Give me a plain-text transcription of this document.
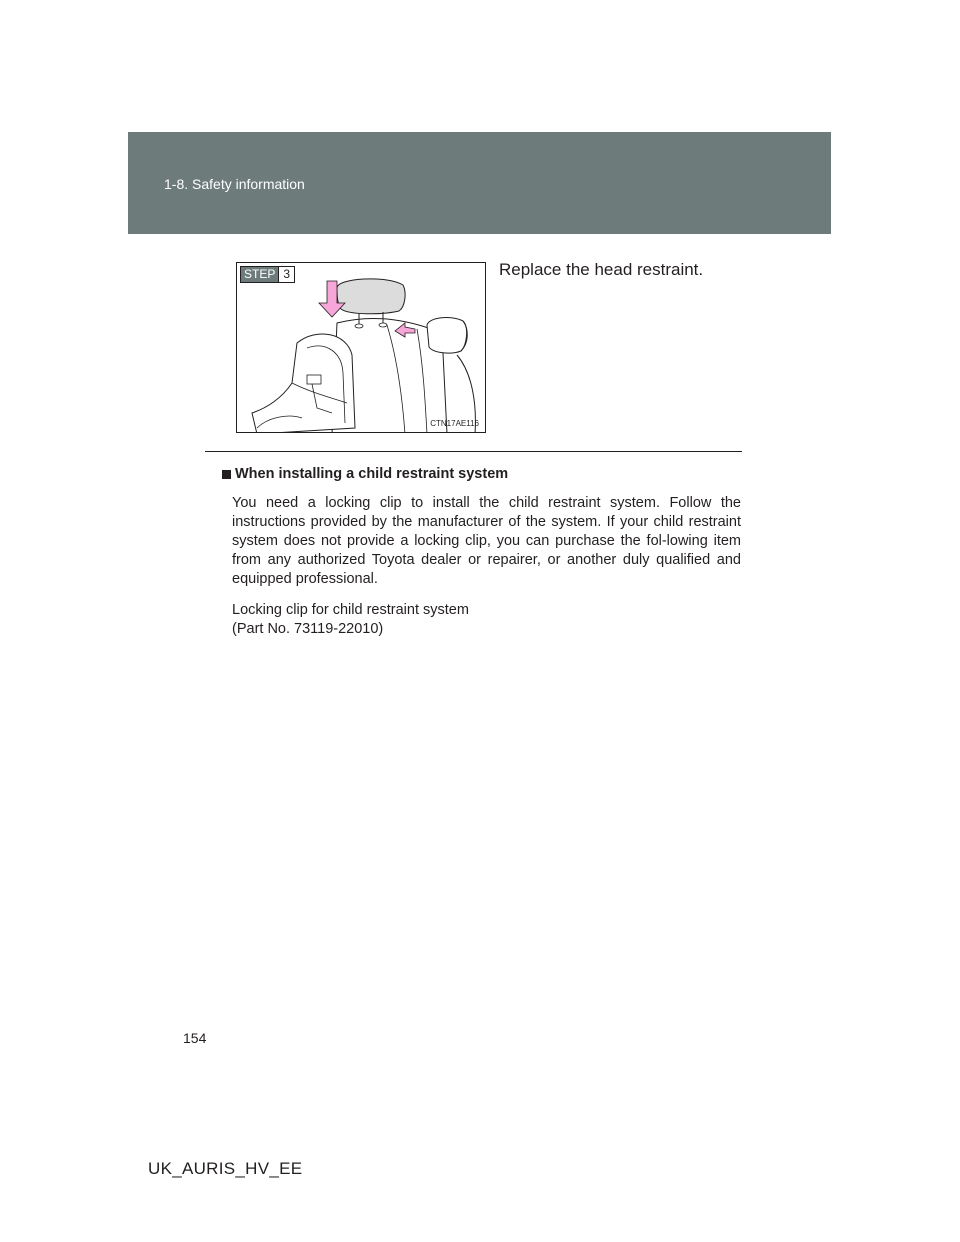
1-8. Safety information
STEP 3
CTN17AE116
Replace the head restraint.

When installing a child restraint system

You need a locking clip to install the child restraint system. Follow the instructions provided by the manufacturer of the system. If your child restraint system does not provide a locking clip, you can purchase the fol-lowing item from any authorized Toyota dealer or repairer, or another duly qualified and equipped professional.

Locking clip for child restraint system
(Part No. 73119-22010)

154
UK_AURIS_HV_EE
